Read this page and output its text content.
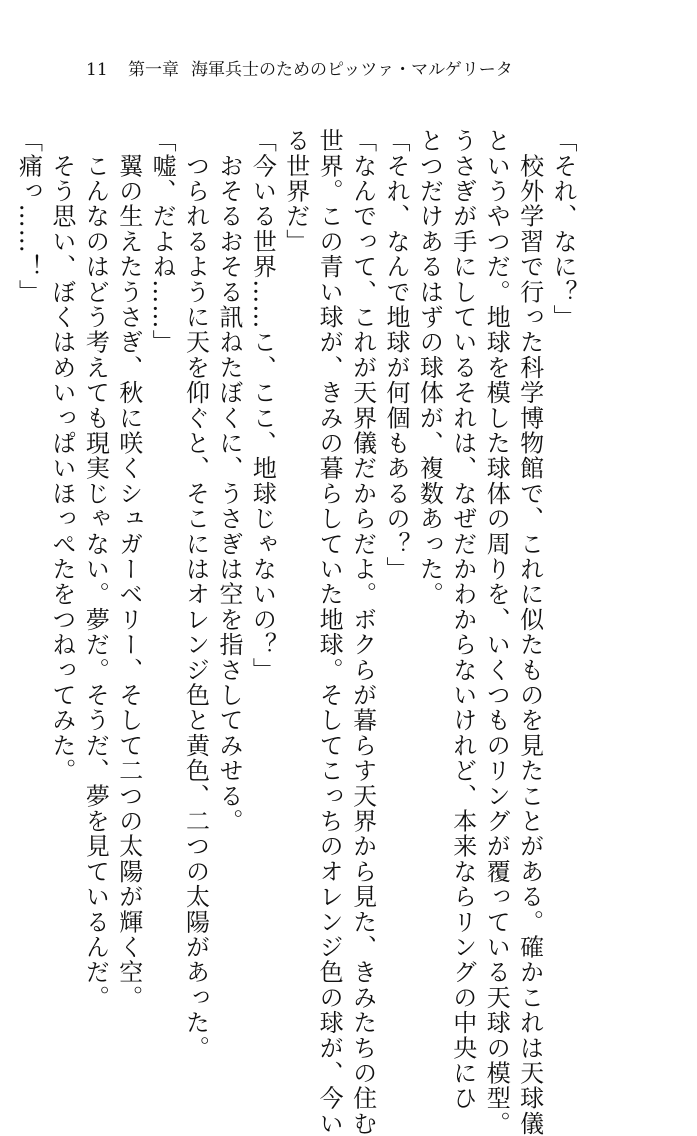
11	第一章 海軍兵士のためのピッツァ・マルゲリータ

「それ、なに？」

　校外学習で行った科学博物館で、これに似たものを見たことがある。確かこれは天球儀

というやつだ。地球を模した球体の周りを、いくつものリングが覆っている天球の模型。

うさぎが手にしているそれは、なぜだかわからないけれど、本来ならリングの中央にひ

とつだけあるはずの球体が、複数あった。

「それ、なんで地球が何個もあるの？」

「なんでって、これが天界儀だからだよ。ボクらが暮らす天界から見た、きみたちの住む

世界。この青い球が、きみの暮らしていた地球。そしてこっちのオレンジ色の球が、今い

る世界だ」

「今いる世界……こ、ここ、地球じゃないの？」

　おそるおそる訊ねたぼくに、うさぎは空を指さしてみせる。

　つられるように天を仰ぐと、そこにはオレンジ色と黄色、二つの太陽があった。

「嘘、だよね……」

　翼の生えたうさぎ、秋に咲くシュガーベリー、そして二つの太陽が輝く空。

　こんなのはどう考えても現実じゃない。夢だ。そうだ、夢を見ているんだ。

　そう思い、ぼくはめいっぱいほっぺたをつねってみた。

「痛っ……！」
